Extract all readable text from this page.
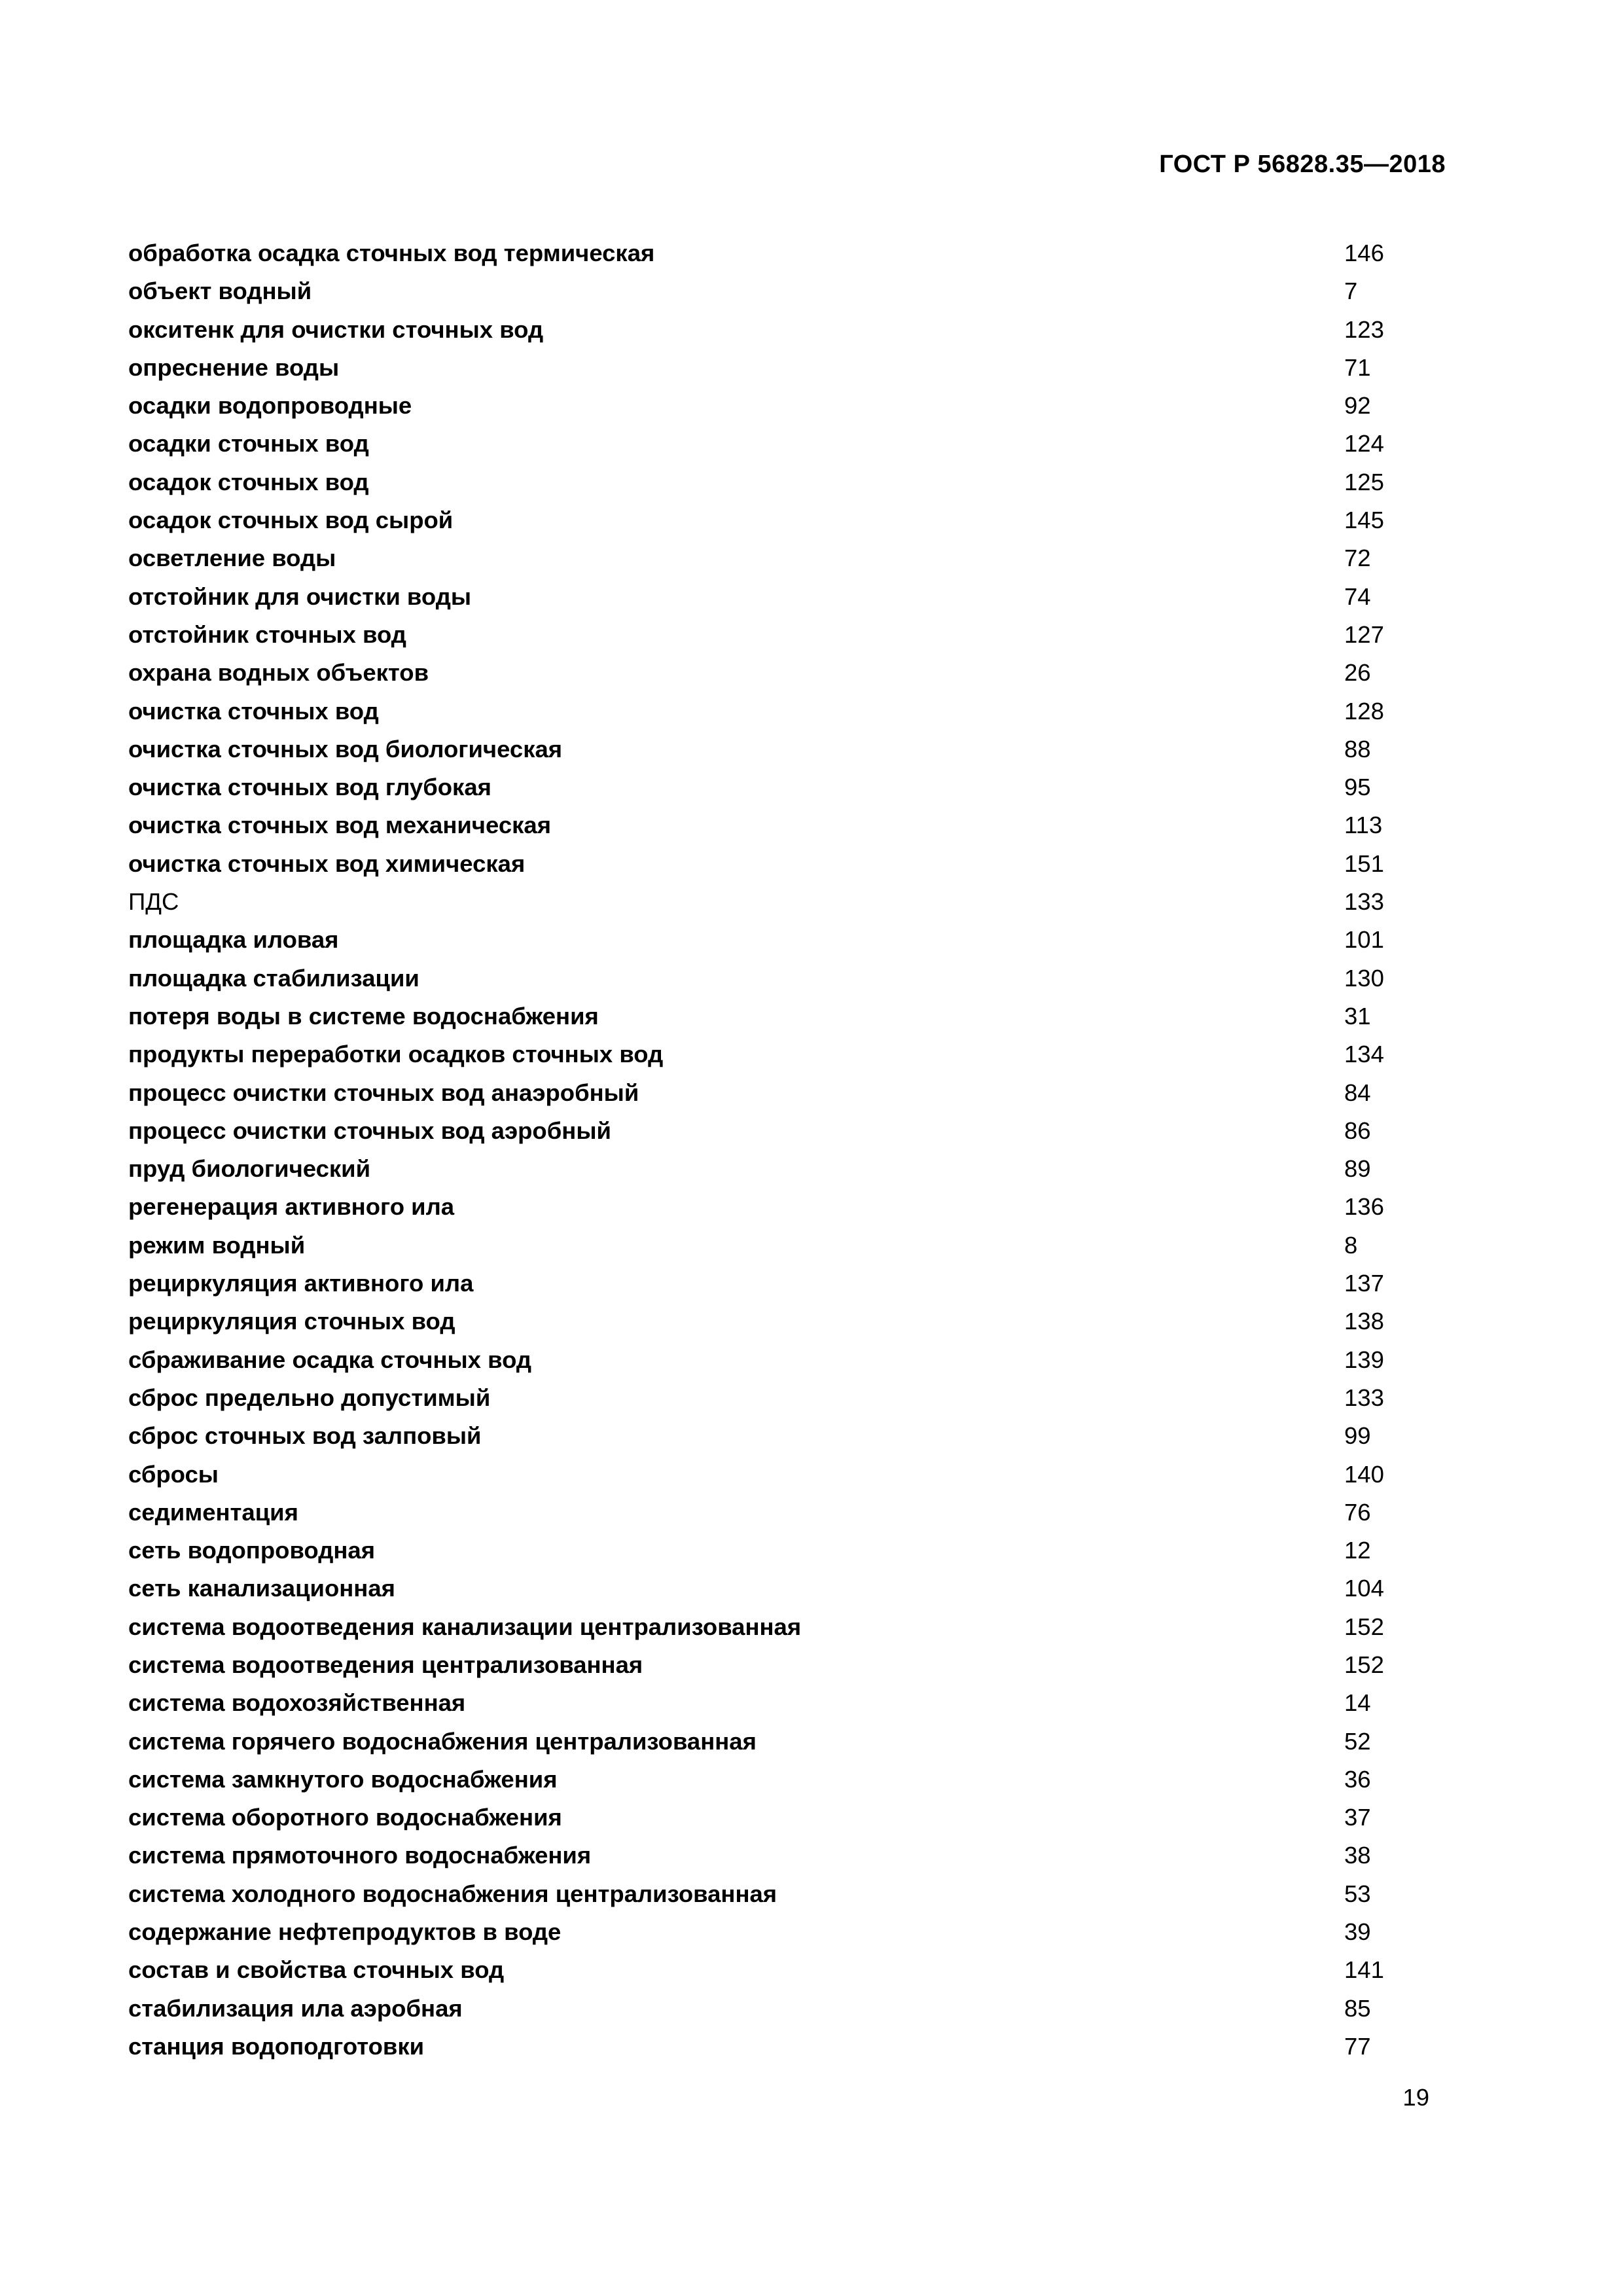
ГОСТ Р 56828.35—2018
обработка осадка сточных вод термическая	146
объект водный	7
окситенк для очистки сточных вод	123
опреснение воды	71
осадки водопроводные	92
осадки сточных вод	124
осадок сточных вод	125
осадок сточных вод сырой	145
осветление воды	72
отстойник для очистки воды	74
отстойник сточных вод	127
охрана водных объектов	26
очистка сточных вод	128
очистка сточных вод биологическая	88
очистка сточных вод глубокая	95
очистка сточных вод механическая	113
очистка сточных вод химическая	151
ПДС	133
площадка иловая	101
площадка стабилизации	130
потеря воды в системе водоснабжения	31
продукты переработки осадков сточных вод	134
процесс очистки сточных вод анаэробный	84
процесс очистки сточных вод аэробный	86
пруд биологический	89
регенерация активного ила	136
режим водный	8
рециркуляция активного ила	137
рециркуляция сточных вод	138
сбраживание осадка сточных вод	139
сброс предельно допустимый	133
сброс сточных вод залповый	99
сбросы	140
седиментация	76
сеть водопроводная	12
сеть канализационная	104
система водоотведения канализации централизованная	152
система водоотведения централизованная	152
система водохозяйственная	14
система горячего водоснабжения централизованная	52
система замкнутого водоснабжения	36
система оборотного водоснабжения	37
система прямоточного водоснабжения	38
система холодного водоснабжения централизованная	53
содержание нефтепродуктов в воде	39
состав и свойства сточных вод	141
стабилизация ила аэробная	85
станция водоподготовки	77
19
